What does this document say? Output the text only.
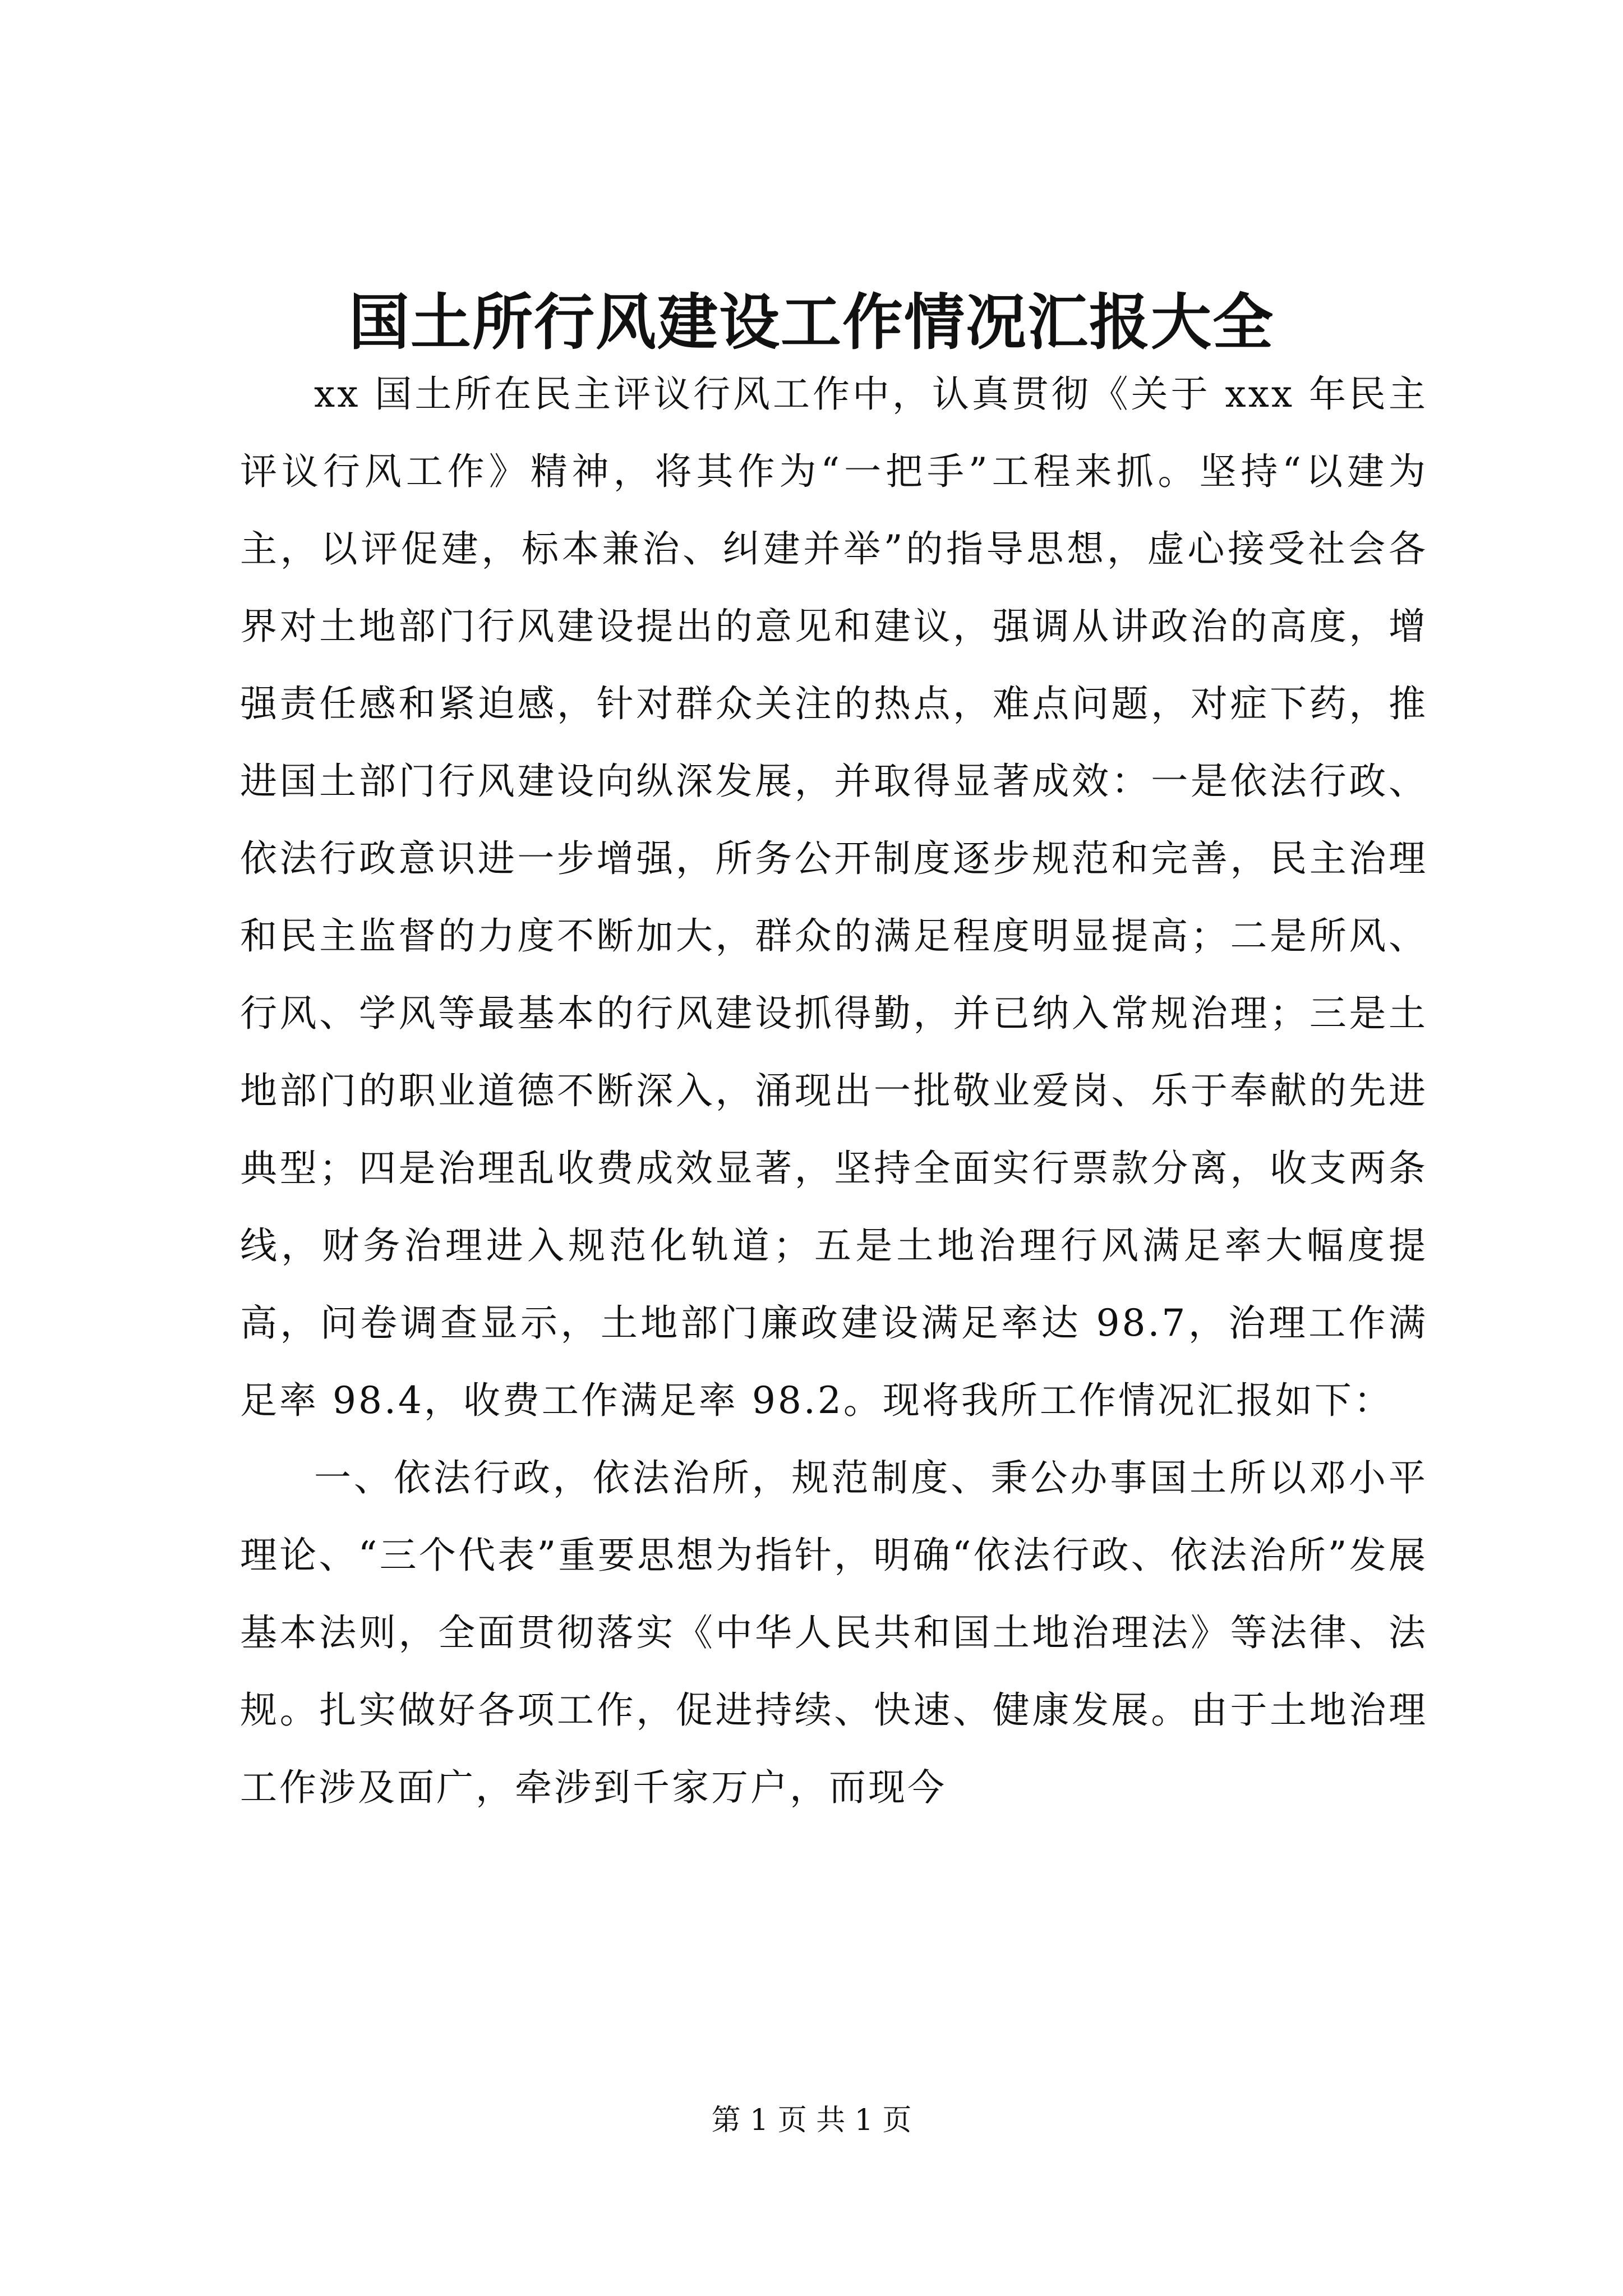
国土所行风建设工作情况汇报大全

xx 国土所在民主评议行风工作中，认真贯彻《关于 xxx 年民主评议行风工作》精神，将其作为“一把手”工程来抓。坚持“以建为主，以评促建，标本兼治、纠建并举”的指导思想，虚心接受社会各界对土地部门行风建设提出的意见和建议，强调从讲政治的高度，增强责任感和紧迫感，针对群众关注的热点，难点问题，对症下药，推进国土部门行风建设向纵深发展，并取得显著成效：一是依法行政、依法行政意识进一步增强，所务公开制度逐步规范和完善，民主治理和民主监督的力度不断加大，群众的满足程度明显提高；二是所风、行风、学风等最基本的行风建设抓得勤，并已纳入常规治理；三是土地部门的职业道德不断深入，涌现出一批敬业爱岗、乐于奉献的先进典型；四是治理乱收费成效显著，坚持全面实行票款分离，收支两条线，财务治理进入规范化轨道；五是土地治理行风满足率大幅度提高，问卷调查显示，土地部门廉政建设满足率达 98.7，治理工作满足率 98.4，收费工作满足率 98.2。现将我所工作情况汇报如下：

一、依法行政，依法治所，规范制度、秉公办事国土所以邓小平理论、“三个代表”重要思想为指针，明确“依法行政、依法治所”发展基本法则，全面贯彻落实《中华人民共和国土地治理法》等法律、法规。扎实做好各项工作，促进持续、快速、健康发展。由于土地治理工作涉及面广，牵涉到千家万户，而现今

第 1 页 共 1 页
